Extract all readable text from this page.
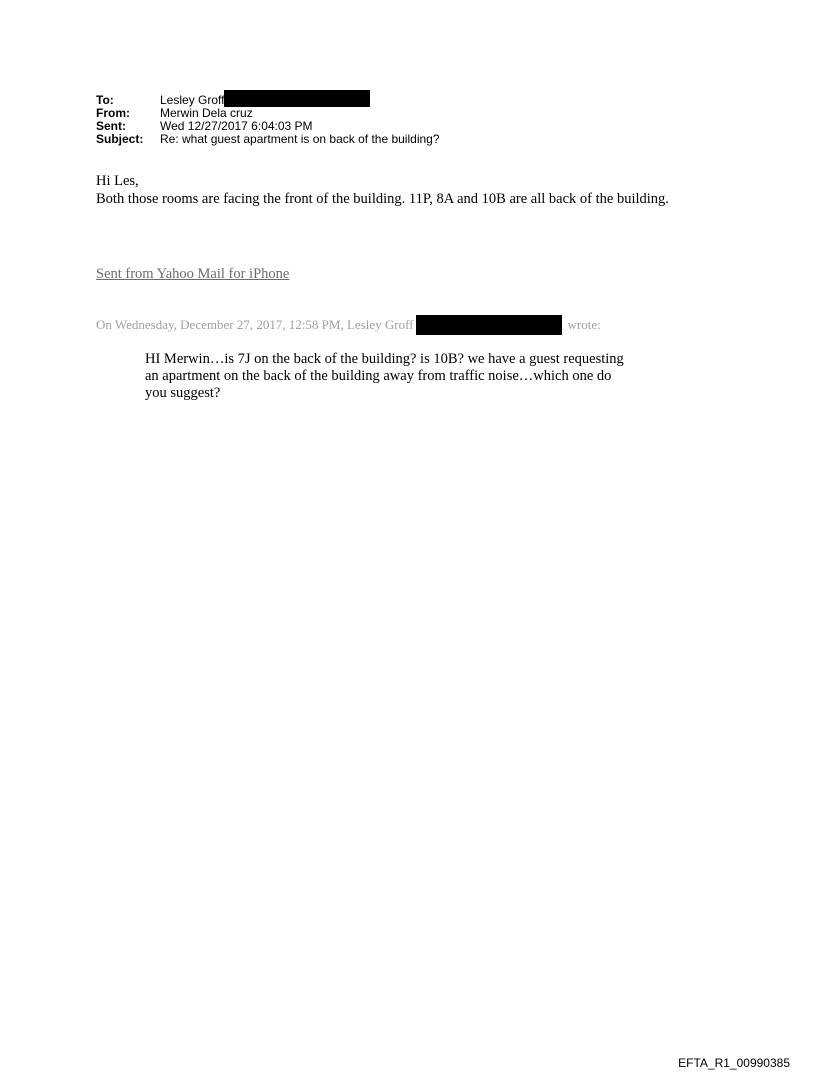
To:	Lesley Groff
From:	Merwin Dela cruz
Sent:	Wed 12/27/2017 6:04:03 PM
Subject:	Re: what guest apartment is on back of the building?

Hi Les,

Both those rooms are facing the front of the building. 11P, 8A and 10B are all back of the building.

Sent from Yahoo Mail for iPhone
On Wednesday, December 27, 2017, 12:58 PM, Lesley Groff	wrote:

HI Merwin…is 7J on the back of the building? is 10B? we have a guest requesting an apartment on the back of the building away from traffic noise…which one do you suggest?

EFTA_R1_00990385
